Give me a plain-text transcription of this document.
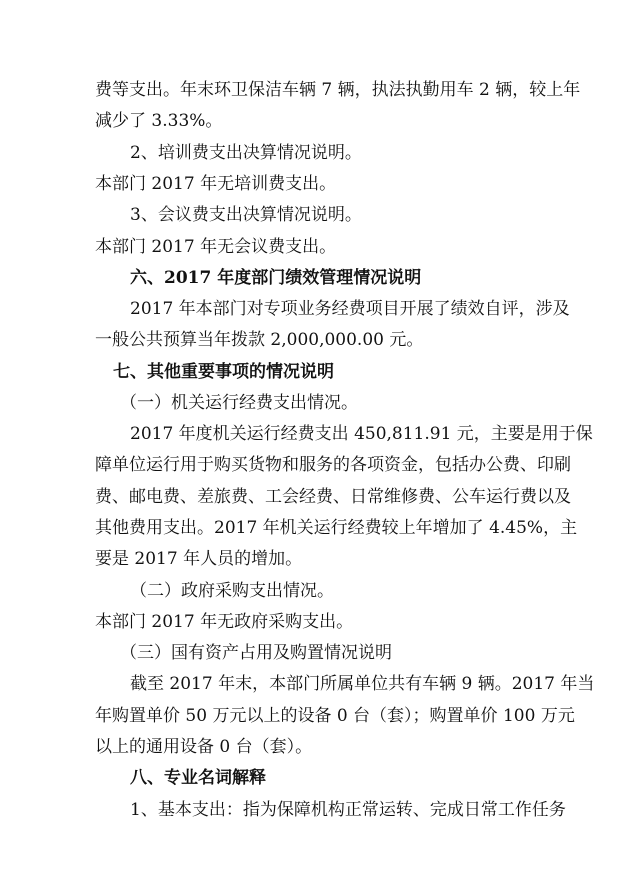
费等支出。年末环卫保洁车辆 7 辆，执法执勤用车 2 辆，较上年
减少了 3.33%。
2、培训费支出决算情况说明。
本部门 2017 年无培训费支出。
3、会议费支出决算情况说明。
本部门 2017 年无会议费支出。
六、2017 年度部门绩效管理情况说明
2017 年本部门对专项业务经费项目开展了绩效自评，涉及
一般公共预算当年拨款 2,000,000.00 元。
七、其他重要事项的情况说明
（一）机关运行经费支出情况。
2017 年度机关运行经费支出 450,811.91 元，主要是用于保
障单位运行用于购买货物和服务的各项资金，包括办公费、印刷
费、邮电费、差旅费、工会经费、日常维修费、公车运行费以及
其他费用支出。2017 年机关运行经费较上年增加了 4.45%，主
要是 2017 年人员的增加。
（二）政府采购支出情况。
本部门 2017 年无政府采购支出。
（三）国有资产占用及购置情况说明
截至 2017 年末，本部门所属单位共有车辆 9 辆。2017 年当
年购置单价 50 万元以上的设备 0 台（套）；购置单价 100 万元
以上的通用设备 0 台（套）。
八、专业名词解释
1、基本支出：指为保障机构正常运转、完成日常工作任务
